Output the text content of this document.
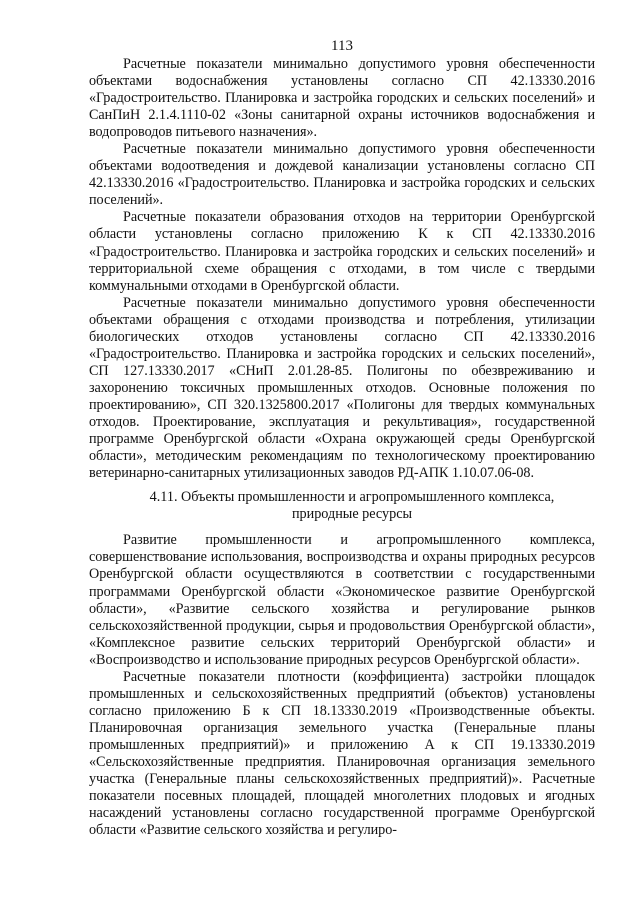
113

Расчетные показатели минимально допустимого уровня обеспеченности объектами водоснабжения установлены согласно СП 42.13330.2016 «Градостроительство. Планировка и застройка городских и сельских поселений» и СанПиН 2.1.4.1110-02 «Зоны санитарной охраны источников водоснабжения и водопроводов питьевого назначения».

Расчетные показатели минимально допустимого уровня обеспеченности объектами водоотведения и дождевой канализации установлены согласно СП 42.13330.2016 «Градостроительство. Планировка и застройка городских и сельских поселений».

Расчетные показатели образования отходов на территории Оренбургской области установлены согласно приложению К к СП 42.13330.2016 «Градостроительство. Планировка и застройка городских и сельских поселений» и территориальной схеме обращения с отходами, в том числе с твердыми коммунальными отходами в Оренбургской области.

Расчетные показатели минимально допустимого уровня обеспеченности объектами обращения с отходами производства и потребления, утилизации биологических отходов установлены согласно СП 42.13330.2016 «Градостроительство. Планировка и застройка городских и сельских поселений», СП 127.13330.2017 «СНиП 2.01.28-85. Полигоны по обезвреживанию и захоронению токсичных промышленных отходов. Основные положения по проектированию», СП 320.1325800.2017 «Полигоны для твердых коммунальных отходов. Проектирование, эксплуатация и рекультивация», государственной программе Оренбургской области «Охрана окружающей среды Оренбургской области», методическим рекомендациям по технологическому проектированию ветеринарно-санитарных утилизационных заводов РД-АПК 1.10.07.06-08.

4.11. Объекты промышленности и агропромышленного комплекса,
природные ресурсы

Развитие промышленности и агропромышленного комплекса, совершенствование использования, воспроизводства и охраны природных ресурсов Оренбургской области осуществляются в соответствии с государственными программами Оренбургской области «Экономическое развитие Оренбургской области», «Развитие сельского хозяйства и регулирование рынков сельскохозяйственной продукции, сырья и продовольствия Оренбургской области», «Комплексное развитие сельских территорий Оренбургской области» и «Воспроизводство и использование природных ресурсов Оренбургской области».

Расчетные показатели плотности (коэффициента) застройки площадок промышленных и сельскохозяйственных предприятий (объектов) установлены согласно приложению Б к СП 18.13330.2019 «Производственные объекты. Планировочная организация земельного участка (Генеральные планы промышленных предприятий)» и приложению А к СП 19.13330.2019 «Сельскохозяйственные предприятия. Планировочная организация земельного участка (Генеральные планы сельскохозяйственных предприятий)». Расчетные показатели посевных площадей, площадей многолетних плодовых и ягодных насаждений установлены согласно государственной программе Оренбургской области «Развитие сельского хозяйства и регулиро-
